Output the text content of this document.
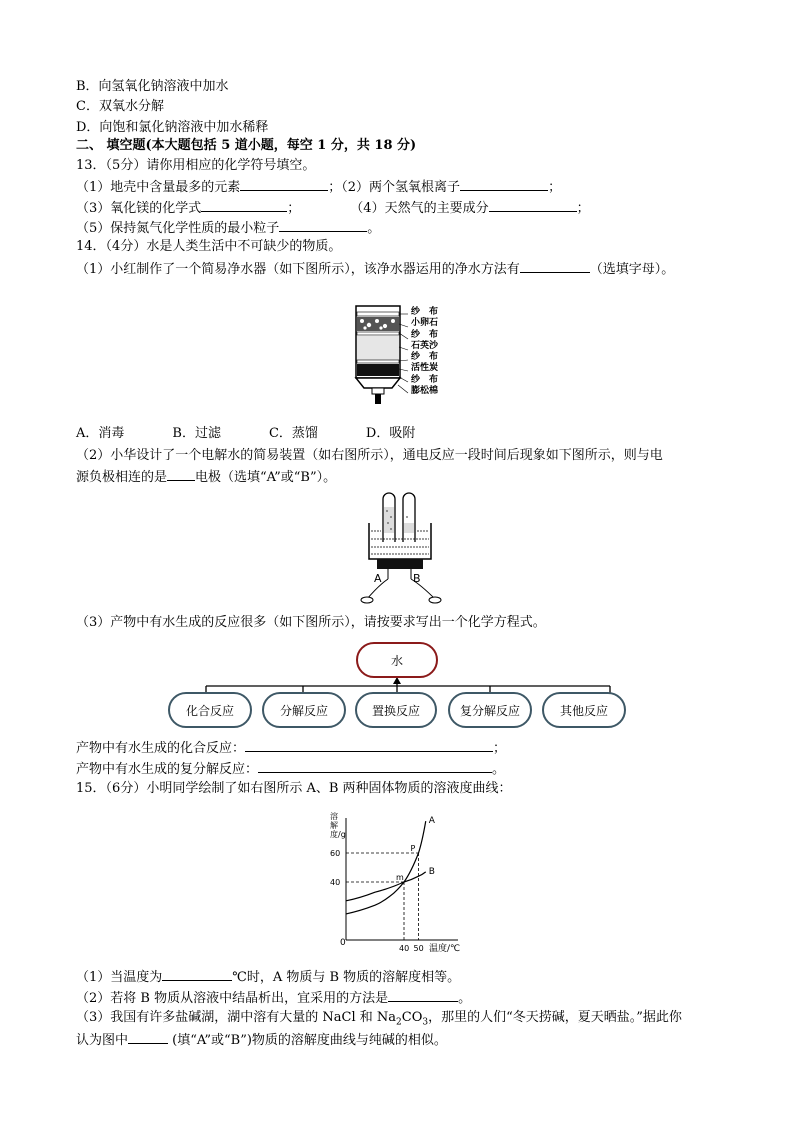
B．向氢氧化钠溶液中加水
C．双氧水分解
D．向饱和氯化钠溶液中加水稀释
二、 填空题(本大题包括 5 道小题，每空 1 分，共 18 分)
13．（5分）请你用相应的化学符号填空。
（1）地壳中含量最多的元素	；（2）两个氢氧根离子	；
（3）氧化镁的化学式	；	（4）天然气的主要成分	；
（5）保持氮气化学性质的最小粒子	。
14．（4分）水是人类生活中不可缺少的物质。
（1）小红制作了一个简易净水器（如下图所示），该净水器运用的净水方法有	（选填字母）。
纱　布
小卵石
纱　布
石英沙
纱　布
活性炭
纱　布
膨松棉
A．消毒	B．过滤	C．蒸馏	D．吸附
（2）小华设计了一个电解水的简易装置（如右图所示），通电反应一段时间后现象如下图所示，则与电
源负极相连的是 电极（选填“A”或“B”）。
A	B
（3）产物中有水生成的反应很多（如下图所示），请按要求写出一个化学方程式。
水
化合反应	分解反应	置换反应	复分解反应	其他反应
产物中有水生成的化合反应：	；
产物中有水生成的复分解反应：	。
15．（6分）小明同学绘制了如右图所示 A、B 两种固体物质的溶液度曲线：
A
B
m
P
60
40
40 50
溶解度/g
温度/℃
0
（1）当温度为	℃时，A 物质与 B 物质的溶解度相等。
（2）若将 B 物质从溶液中结晶析出，宜采用的方法是	。
（3）我国有许多盐碱湖，湖中溶有大量的 NaCl 和 $Na_2CO_3$，那里的人们“冬天捞碱，夏天晒盐。”据此你
认为图中	(填“A”或“B”)物质的溶解度曲线与纯碱的相似。
